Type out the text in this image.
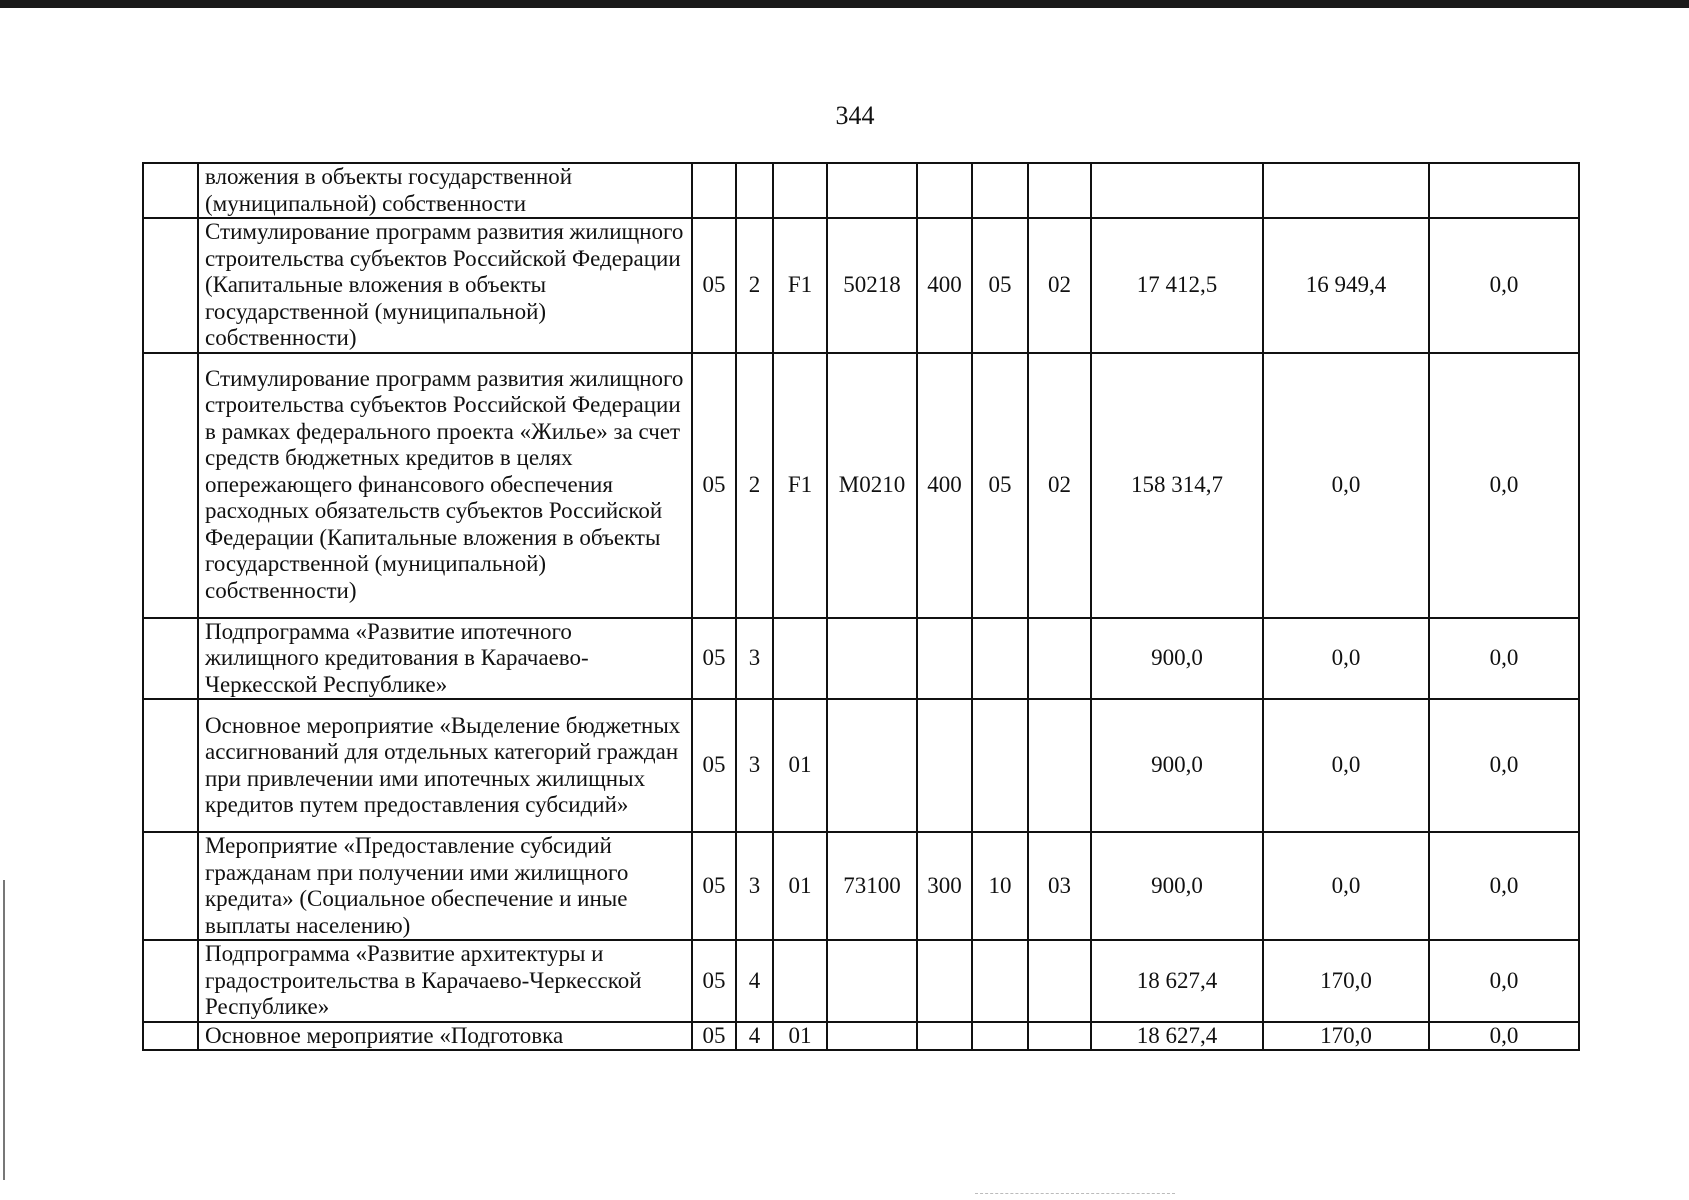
344
	вложения в объекты государственной (муниципальной) собственности										
	Стимулирование программ развития жилищного строительства субъектов Российской Федерации (Капитальные вложения в объекты государственной (муниципальной) собственности)	05	2	F1	50218	400	05	02	17 412,5	16 949,4	0,0
	Стимулирование программ развития жилищного строительства субъектов Российской Федерации в рамках федерального проекта «Жилье» за счет средств бюджетных кредитов в целях опережающего финансового обеспечения расходных обязательств субъектов Российской Федерации (Капитальные вложения в объекты государственной (муниципальной) собственности)	05	2	F1	M0210	400	05	02	158 314,7	0,0	0,0
	Подпрограмма «Развитие ипотечного жилищного кредитования в Карачаево-Черкесской Республике»	05	3						900,0	0,0	0,0
	Основное мероприятие «Выделение бюджетных ассигнований для отдельных категорий граждан при привлечении ими ипотечных жилищных кредитов путем предоставления субсидий»	05	3	01					900,0	0,0	0,0
	Мероприятие «Предоставление субсидий гражданам при получении ими жилищного кредита» (Социальное обеспечение и иные выплаты населению)	05	3	01	73100	300	10	03	900,0	0,0	0,0
	Подпрограмма «Развитие архитектуры и градостроительства в Карачаево-Черкесской Республике»	05	4						18 627,4	170,0	0,0
	Основное мероприятие «Подготовка	05	4	01					18 627,4	170,0	0,0
